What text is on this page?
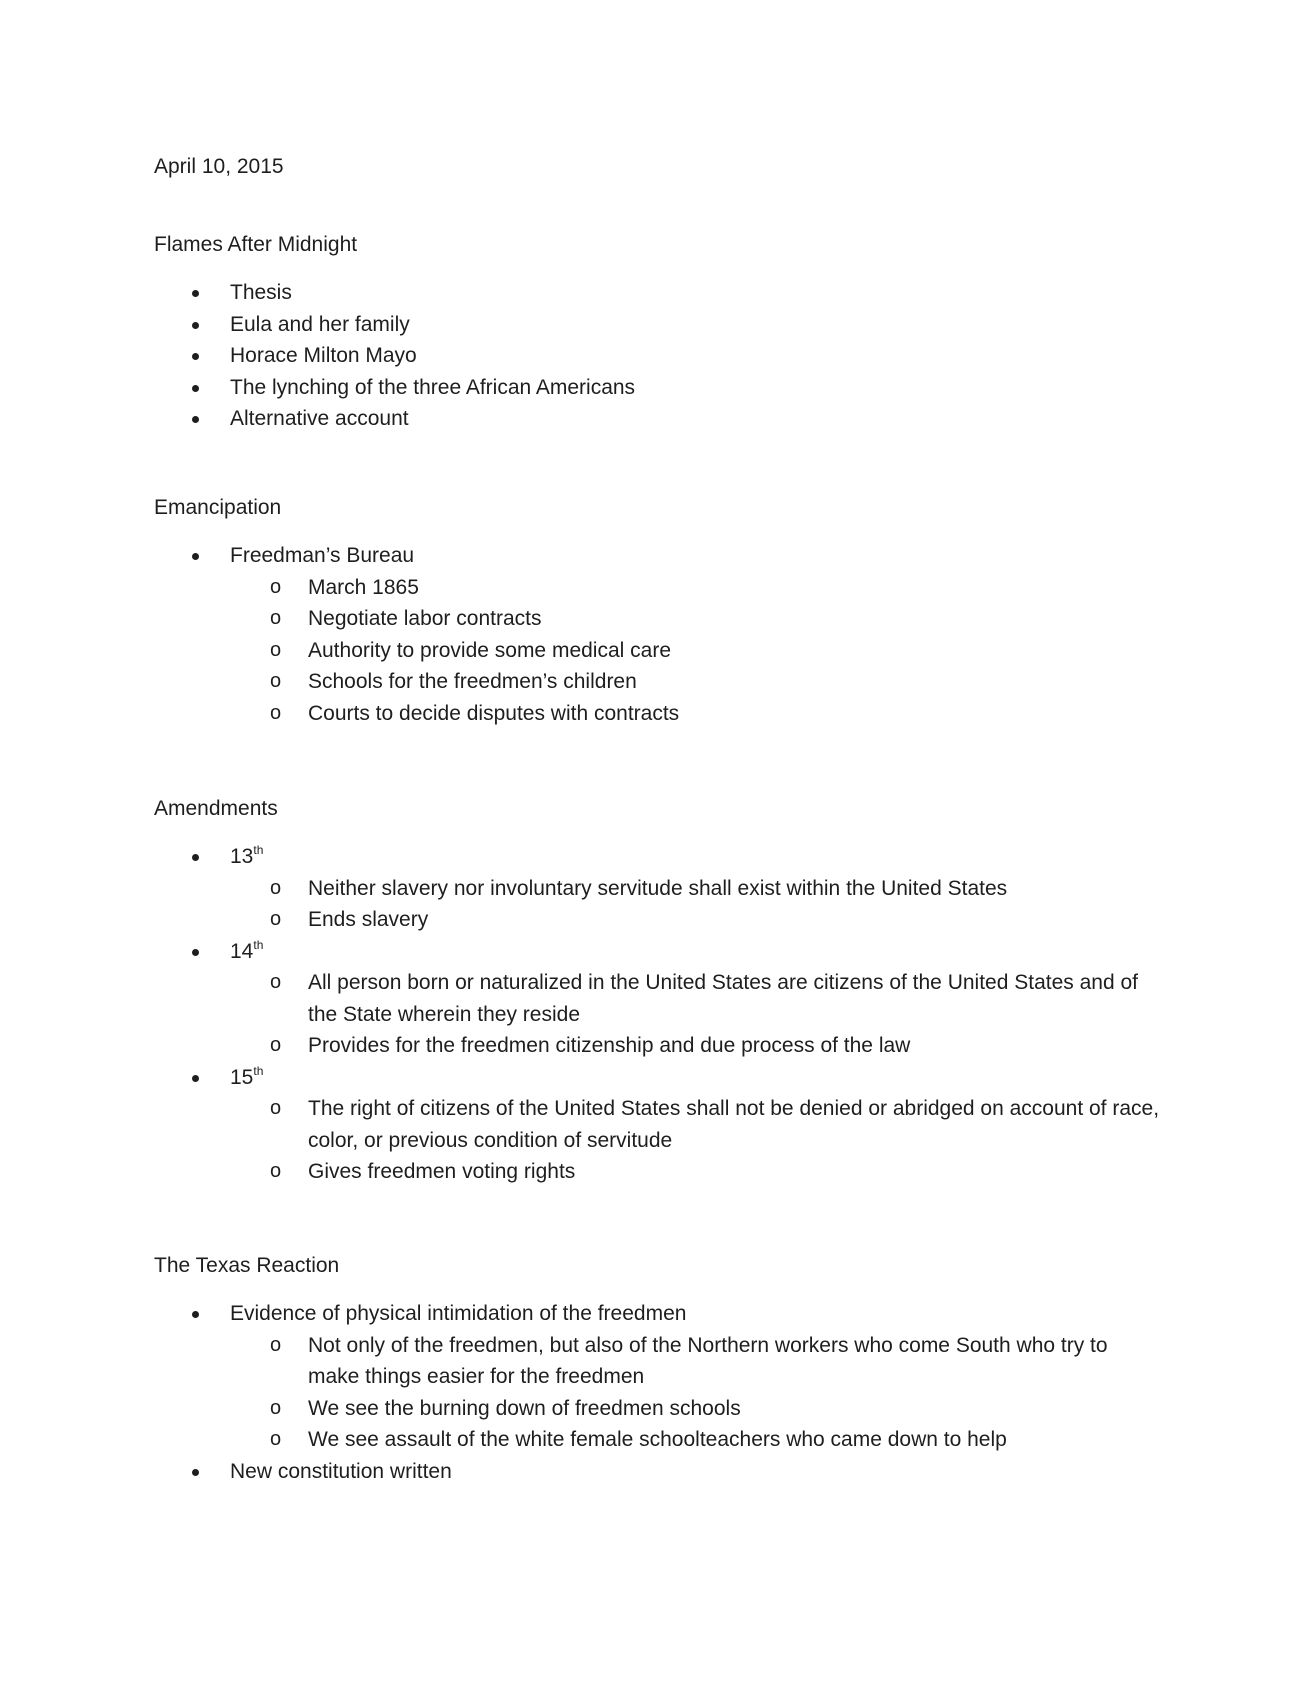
April 10, 2015
Flames After Midnight
Thesis
Eula and her family
Horace Milton Mayo
The lynching of the three African Americans
Alternative account
Emancipation
Freedman’s Bureau
o March 1865
o Negotiate labor contracts
o Authority to provide some medical care
o Schools for the freedmen’s children
o Courts to decide disputes with contracts
Amendments
13th
o Neither slavery nor involuntary servitude shall exist within the United States
o Ends slavery
14th
o All person born or naturalized in the United States are citizens of the United States and of the State wherein they reside
o Provides for the freedmen citizenship and due process of the law
15th
o The right of citizens of the United States shall not be denied or abridged on account of race, color, or previous condition of servitude
o Gives freedmen voting rights
The Texas Reaction
Evidence of physical intimidation of the freedmen
o Not only of the freedmen, but also of the Northern workers who come South who try to make things easier for the freedmen
o We see the burning down of freedmen schools
o We see assault of the white female schoolteachers who came down to help
New constitution written
